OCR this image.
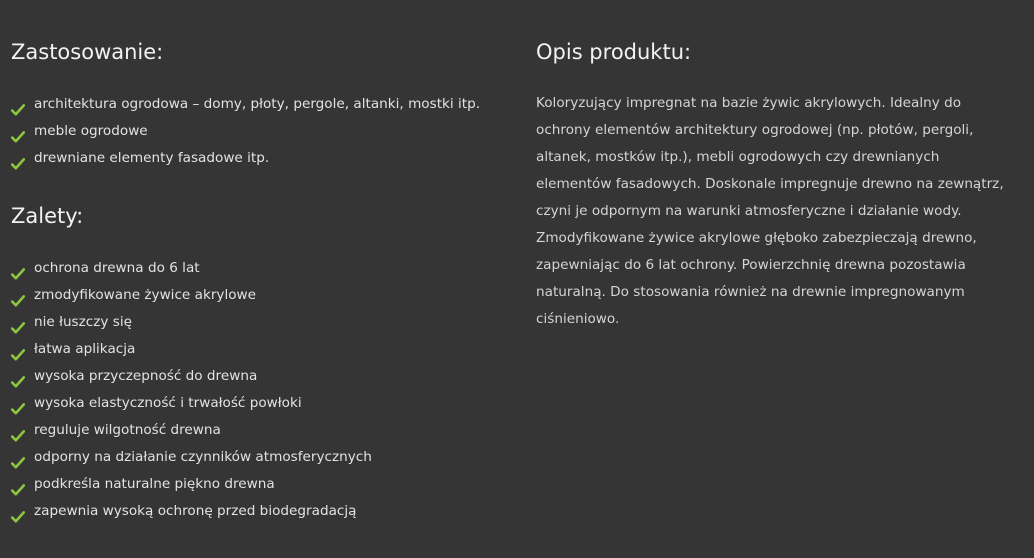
Zastosowanie:
architektura ogrodowa – domy, płoty, pergole, altanki, mostki itp.
meble ogrodowe
drewniane elementy fasadowe itp.
Zalety:
ochrona drewna do 6 lat
zmodyfikowane żywice akrylowe
nie łuszczy się
łatwa aplikacja
wysoka przyczepność do drewna
wysoka elastyczność i trwałość powłoki
reguluje wilgotność drewna
odporny na działanie czynników atmosferycznych
podkreśla naturalne piękno drewna
zapewnia wysoką ochronę przed biodegradacją
Opis produktu:

Koloryzujący impregnat na bazie żywic akrylowych. Idealny do ochrony elementów architektury ogrodowej (np. płotów, pergoli, altanek, mostków itp.), mebli ogrodowych czy drewnianych elementów fasadowych. Doskonale impregnuje drewno na zewnątrz, czyni je odpornym na warunki atmosferyczne i działanie wody. Zmodyfikowane żywice akrylowe głęboko zabezpieczają drewno, zapewniając do 6 lat ochrony. Powierzchnię drewna pozostawia naturalną. Do stosowania również na drewnie impregnowanym ciśnieniowo.
